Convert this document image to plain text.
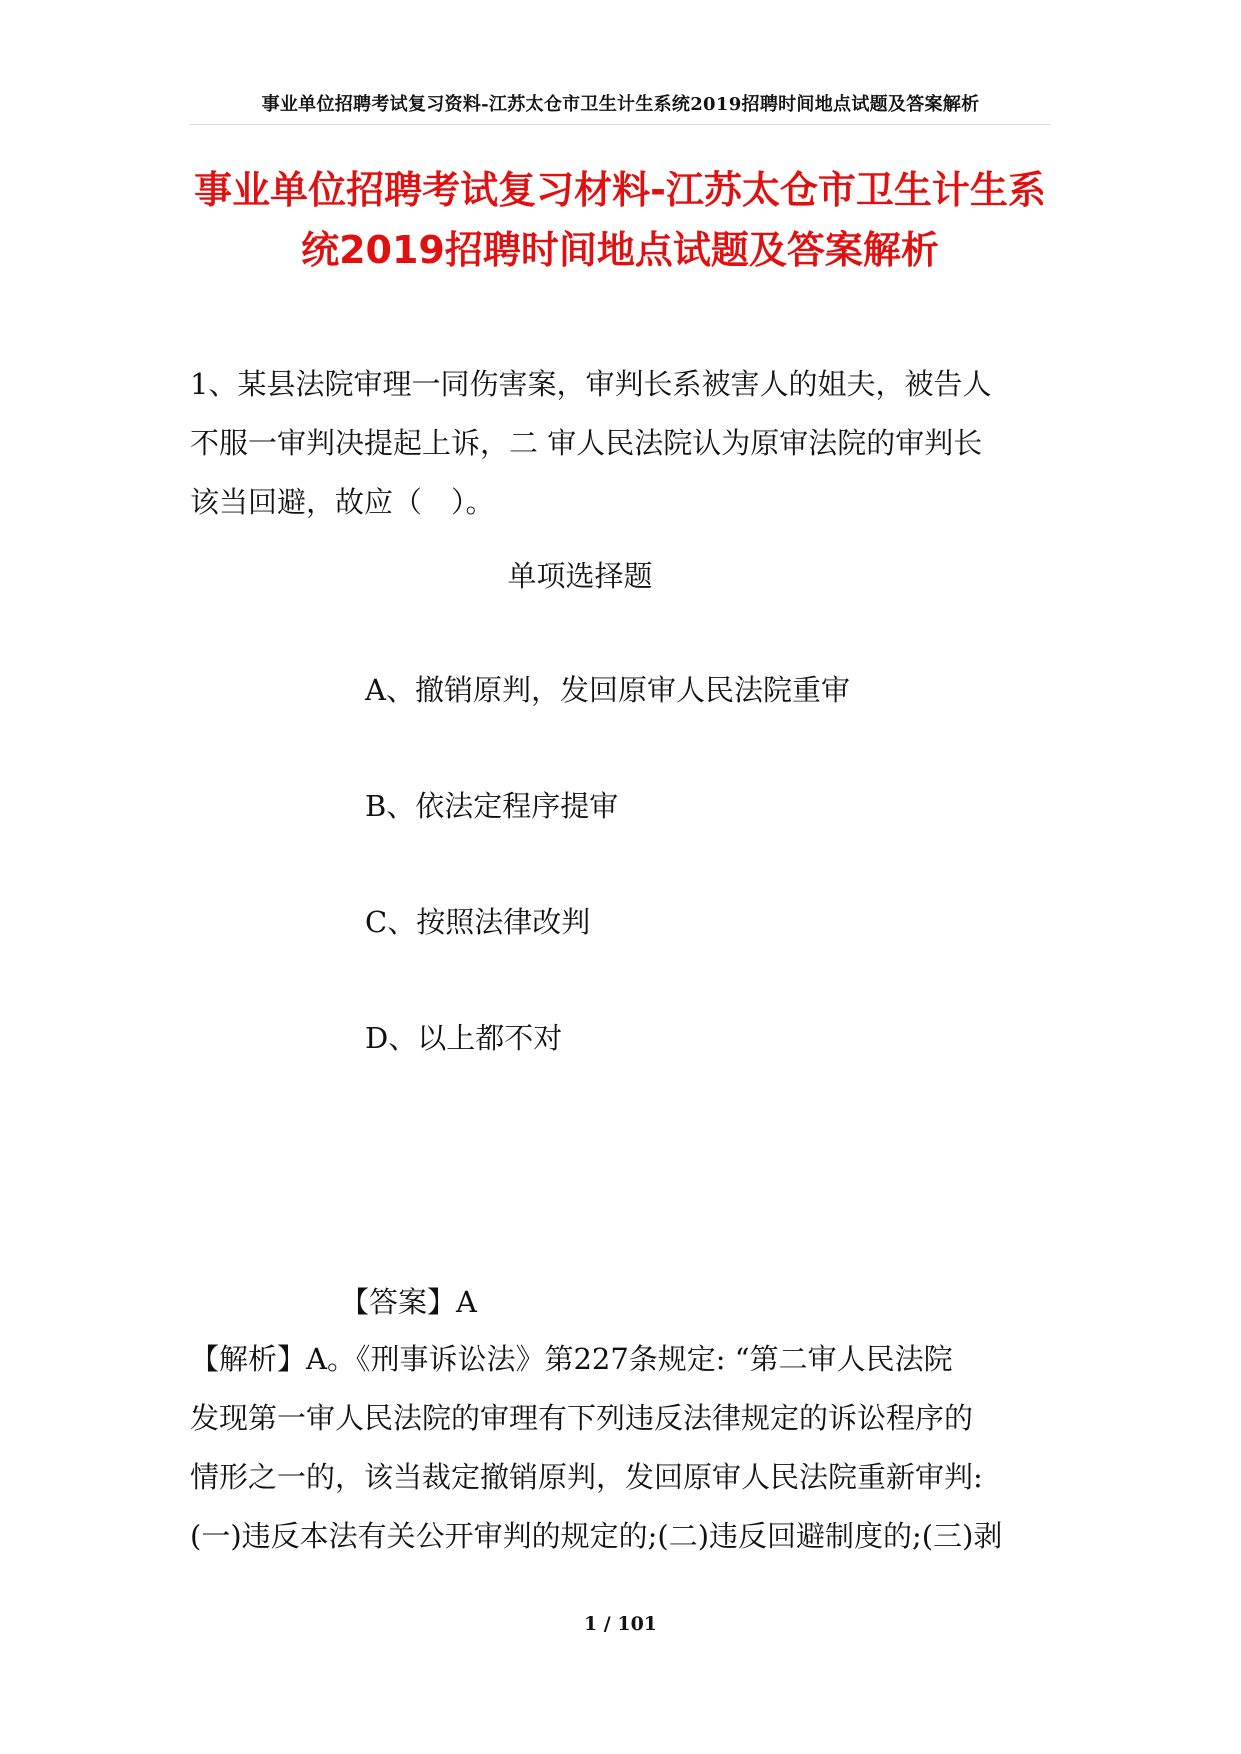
事业单位招聘考试复习资料-江苏太仓市卫生计生系统2019招聘时间地点试题及答案解析
事业单位招聘考试复习材料-江苏太仓市卫生计生系
统2019招聘时间地点试题及答案解析
1、某县法院审理一同伤害案，审判长系被害人的姐夫，被告人
不服一审判决提起上诉，二 审人民法院认为原审法院的审判长
该当回避，故应（　）。
单项选择题
A、撤销原判，发回原审人民法院重审
B、依法定程序提审
C、按照法律改判
D、以上都不对
【答案】A
【解析】A。《刑事诉讼法》第227条规定: “第二审人民法院
发现第一审人民法院的审理有下列违反法律规定的诉讼程序的
情形之一的，该当裁定撤销原判，发回原审人民法院重新审判:
(一)违反本法有关公开审判的规定的;(二)违反回避制度的;(三)剥
1 / 101
